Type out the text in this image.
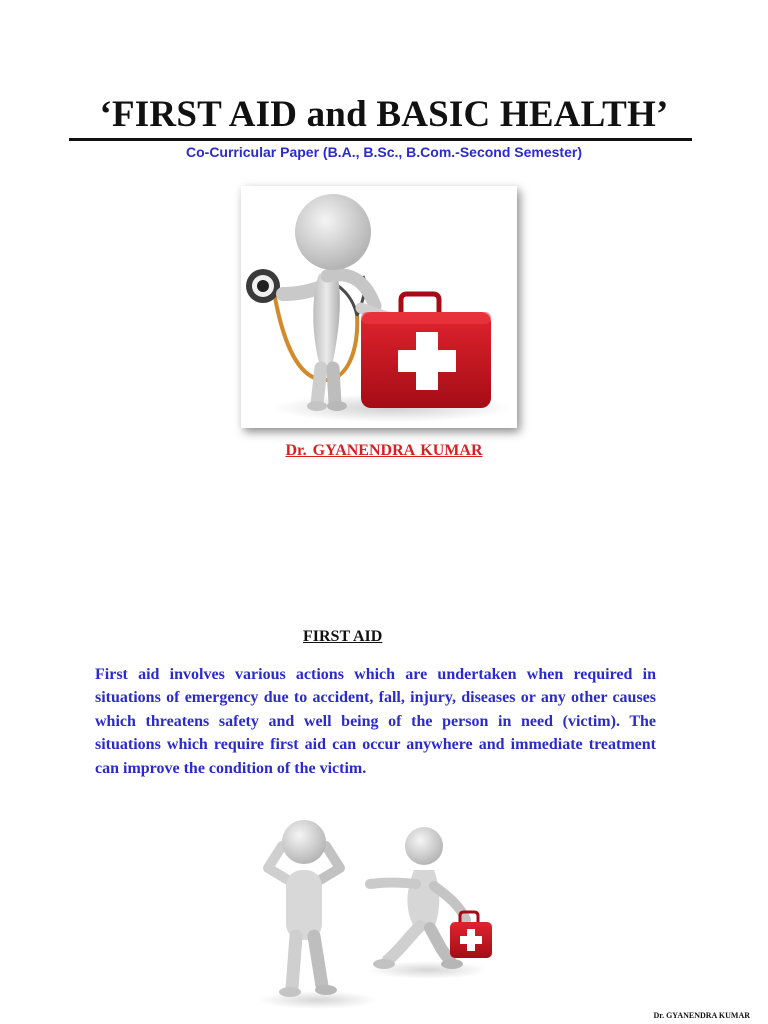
‘FIRST AID and BASIC HEALTH’
Co-Curricular Paper (B.A., B.Sc., B.Com.-Second Semester)
Dr. GYANENDRA KUMAR
FIRST AID

First aid involves various actions which are undertaken when required in situations of emergency due to accident, fall, injury, diseases or any other causes which threatens safety and well being of the person in need (victim). The situations which require first aid can occur anywhere and immediate treatment can improve the condition of the victim.

Dr. GYANENDRA KUMAR
